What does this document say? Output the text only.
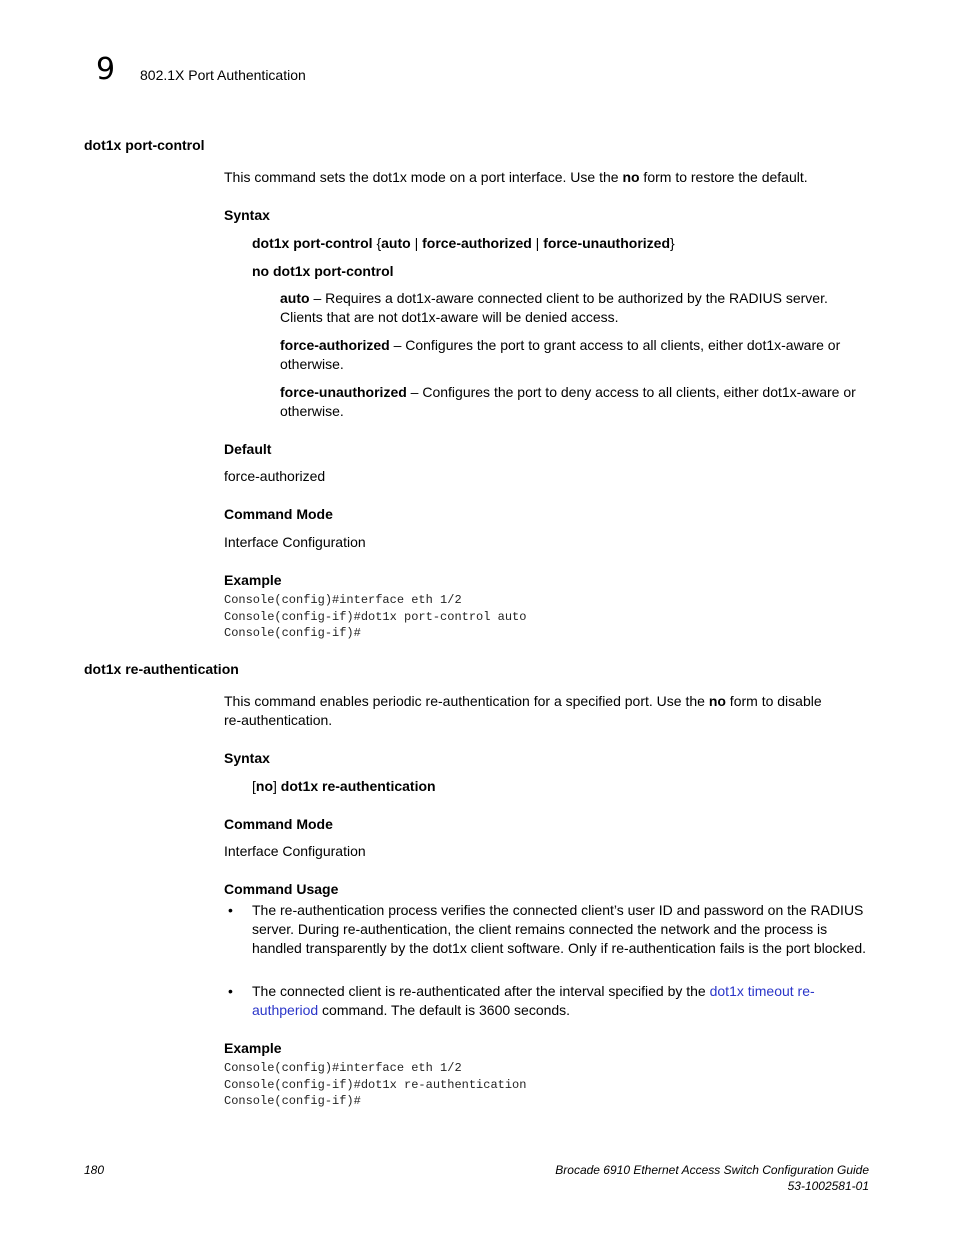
9 802.1X Port Authentication
dot1x port-control
This command sets the dot1x mode on a port interface. Use the no form to restore the default.
Syntax
dot1x port-control {auto | force-authorized | force-unauthorized}
no dot1x port-control
auto – Requires a dot1x-aware connected client to be authorized by the RADIUS server. Clients that are not dot1x-aware will be denied access.
force-authorized – Configures the port to grant access to all clients, either dot1x-aware or otherwise.
force-unauthorized – Configures the port to deny access to all clients, either dot1x-aware or otherwise.
Default
force-authorized
Command Mode
Interface Configuration
Example
Console(config)#interface eth 1/2
Console(config-if)#dot1x port-control auto
Console(config-if)#
dot1x re-authentication
This command enables periodic re-authentication for a specified port. Use the no form to disable
re-authentication.
Syntax
[no] dot1x re-authentication
Command Mode
Interface Configuration
Command Usage
• The re-authentication process verifies the connected client’s user ID and password on the RADIUS server. During re-authentication, the client remains connected the network and the process is handled transparently by the dot1x client software. Only if re-authentication fails is the port blocked.
• The connected client is re-authenticated after the interval specified by the dot1x timeout re-authperiod command. The default is 3600 seconds.
Example
Console(config)#interface eth 1/2
Console(config-if)#dot1x re-authentication
Console(config-if)#
180	Brocade 6910 Ethernet Access Switch Configuration Guide
53-1002581-01
